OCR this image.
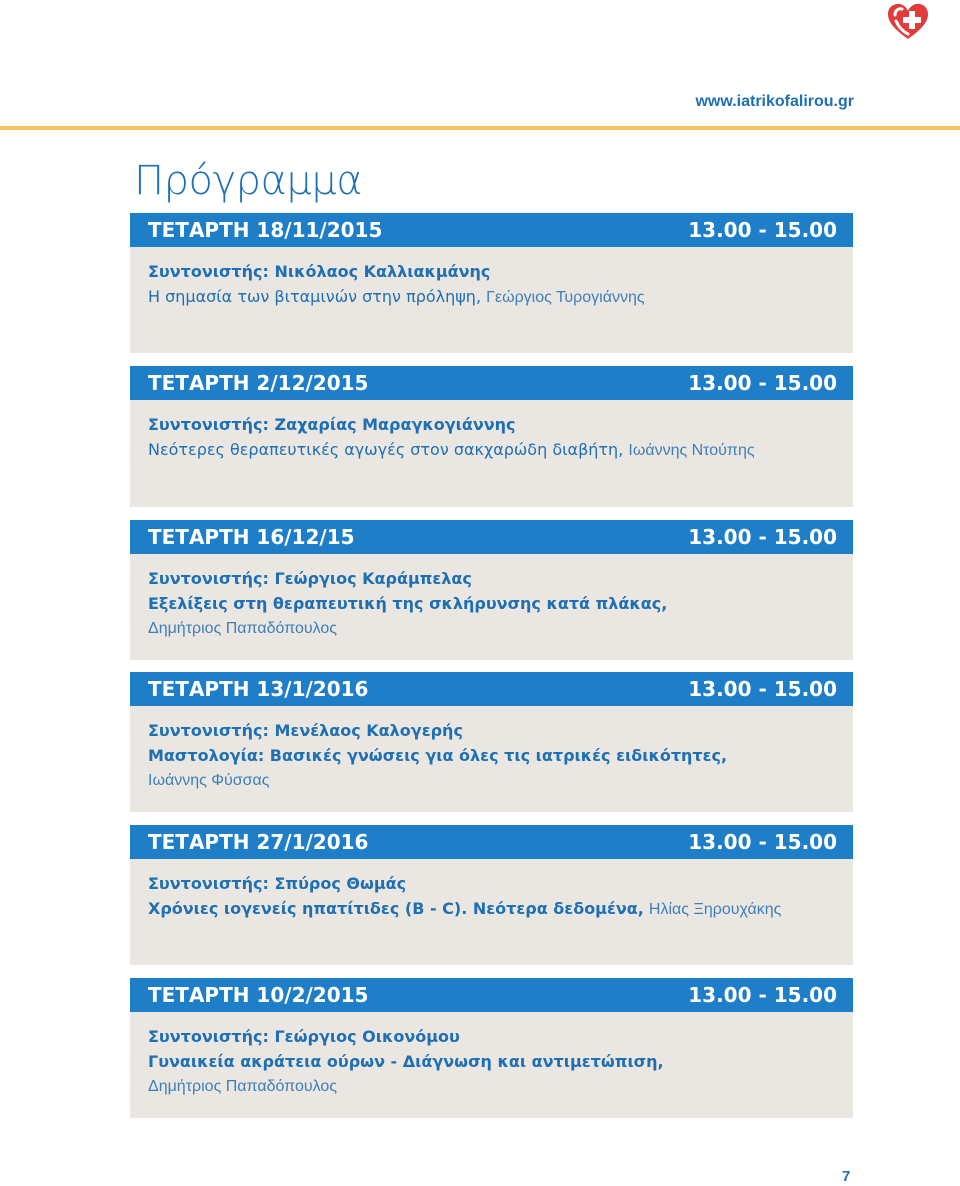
www.iatrikofalirou.gr
Πρόγραμμα
ΤΕΤΑΡΤΗ 18/11/2015	13.00 - 15.00
Συντονιστής: Νικόλαος Καλλιακμάνης
Η σημασία των βιταμινών στην πρόληψη, Γεώργιος Τυρογιάννης
ΤΕΤΑΡΤΗ 2/12/2015	13.00 - 15.00
Συντονιστής: Ζαχαρίας Μαραγκογιάννης
Νεότερες θεραπευτικές αγωγές στον σακχαρώδη διαβήτη, Ιωάννης Ντούπης
ΤΕΤΑΡΤΗ 16/12/15	13.00 - 15.00
Συντονιστής: Γεώργιος Καράμπελας
Εξελίξεις στη θεραπευτική της σκλήρυνσης κατά πλάκας,
Δημήτριος Παπαδόπουλος
ΤΕΤΑΡΤΗ 13/1/2016	13.00 - 15.00
Συντονιστής: Μενέλαος Καλογερής
Μαστολογία: Βασικές γνώσεις για όλες τις ιατρικές ειδικότητες,
Ιωάννης Φύσσας
ΤΕΤΑΡΤΗ 27/1/2016	13.00 - 15.00
Συντονιστής: Σπύρος Θωμάς
Χρόνιες ιογενείς ηπατίτιδες (Β - C). Νεότερα δεδομένα, Ηλίας Ξηρουχάκης
ΤΕΤΑΡΤΗ 10/2/2015	13.00 - 15.00
Συντονιστής: Γεώργιος Οικονόμου
Γυναικεία ακράτεια ούρων - Διάγνωση και αντιμετώπιση,
Δημήτριος Παπαδόπουλος
7
